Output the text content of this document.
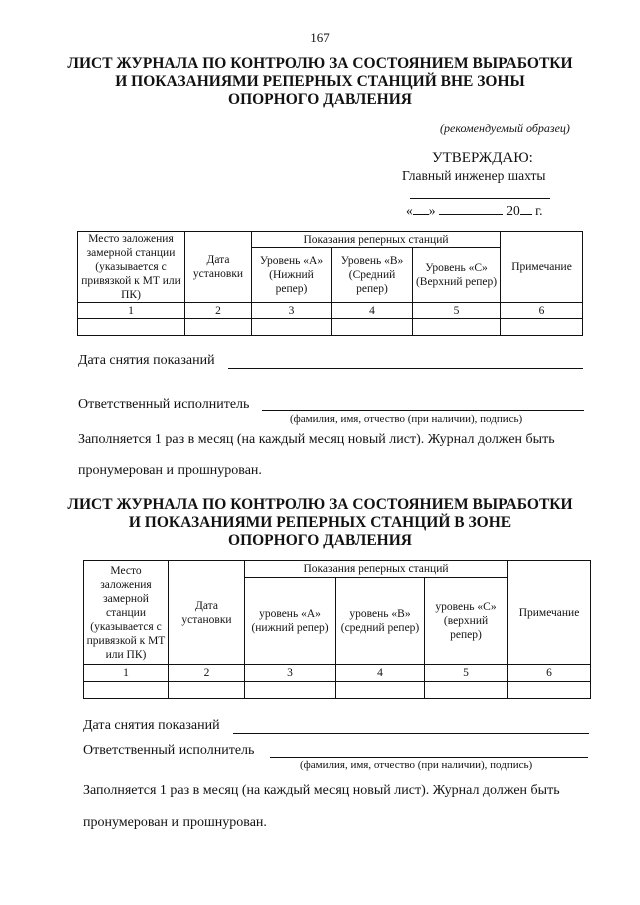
167
ЛИСТ ЖУРНАЛА ПО КОНТРОЛЮ ЗА СОСТОЯНИЕМ ВЫРАБОТКИ
И ПОКАЗАНИЯМИ РЕПЕРНЫХ СТАНЦИЙ ВНЕ ЗОНЫ
ОПОРНОГО ДАВЛЕНИЯ
(рекомендуемый образец)
УТВЕРЖДАЮ:
Главный инженер шахты
« »	20 г.
Место заложения замерной станции (указывается с привязкой к МТ или ПК)	Дата установки	Показания реперных станций			Примечание
		Уровень «А» (Нижний репер)	Уровень «В» (Средний репер)	Уровень «С» (Верхний репер)	
1	2	3	4	5	6

Дата снятия показаний
Ответственный исполнитель
(фамилия, имя, отчество (при наличии), подпись)
Заполняется 1 раз в месяц (на каждый месяц новый лист). Журнал должен быть
пронумерован и прошнурован.
ЛИСТ ЖУРНАЛА ПО КОНТРОЛЮ ЗА СОСТОЯНИЕМ ВЫРАБОТКИ
И ПОКАЗАНИЯМИ РЕПЕРНЫХ СТАНЦИЙ В ЗОНЕ
ОПОРНОГО ДАВЛЕНИЯ
Место заложения замерной станции (указывается с привязкой к МТ или ПК)	Дата установки	Показания реперных станций			Примечание
		уровень «А» (нижний репер)	уровень «В» (средний репер)	уровень «С» (верхний репер)	
1	2	3	4	5	6

Дата снятия показаний
Ответственный исполнитель
(фамилия, имя, отчество (при наличии), подпись)
Заполняется 1 раз в месяц (на каждый месяц новый лист). Журнал должен быть
пронумерован и прошнурован.
